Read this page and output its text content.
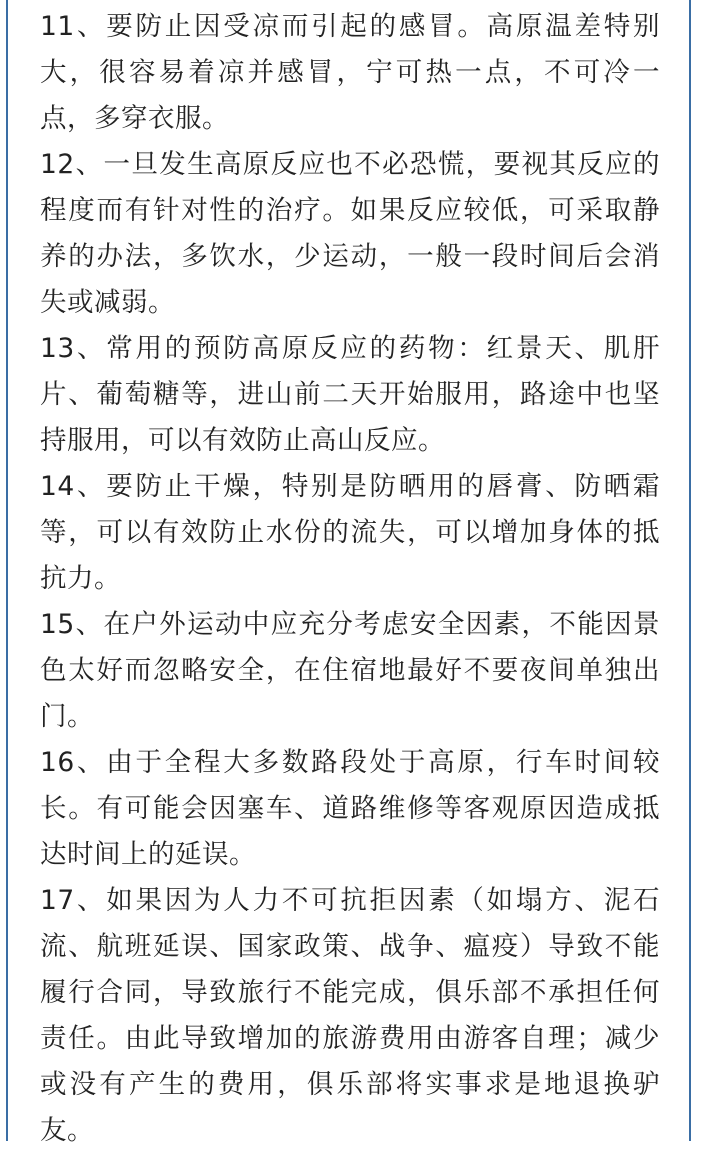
11、要防止因受凉而引起的感冒。高原温差特别大，很容易着凉并感冒，宁可热一点，不可冷一点，多穿衣服。

12、一旦发生高原反应也不必恐慌，要视其反应的程度而有针对性的治疗。如果反应较低，可采取静养的办法，多饮水，少运动，一般一段时间后会消失或减弱。

13、常用的预防高原反应的药物：红景天、肌肝片、葡萄糖等，进山前二天开始服用，路途中也坚持服用，可以有效防止高山反应。

14、要防止干燥，特别是防晒用的唇膏、防晒霜等，可以有效防止水份的流失，可以增加身体的抵抗力。

15、在户外运动中应充分考虑安全因素，不能因景色太好而忽略安全，在住宿地最好不要夜间单独出门。

16、由于全程大多数路段处于高原，行车时间较长。有可能会因塞车、道路维修等客观原因造成抵达时间上的延误。

17、如果因为人力不可抗拒因素（如塌方、泥石流、航班延误、国家政策、战争、瘟疫）导致不能履行合同，导致旅行不能完成，俱乐部不承担任何责任。由此导致增加的旅游费用由游客自理；减少或没有产生的费用，俱乐部将实事求是地退换驴友。
